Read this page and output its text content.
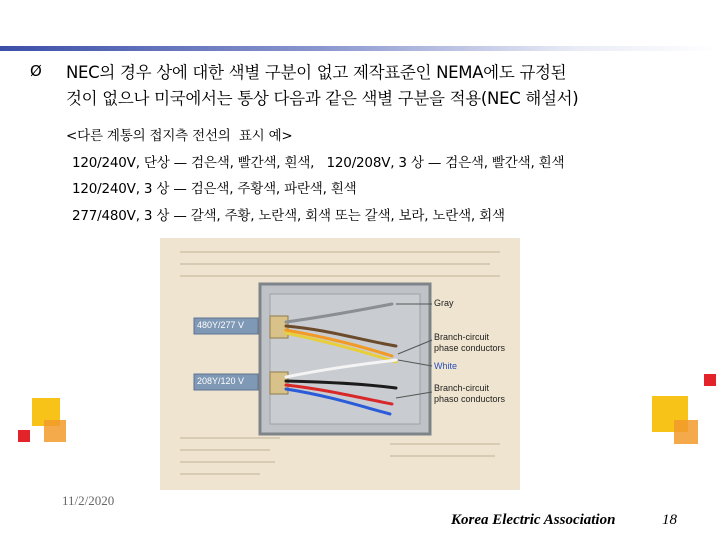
Ø NEC의 경우 상에 대한 색별 구분이 없고 제작표준인 NEMA에도 규정된
것이 없으나 미국에서는 통상 다음과 같은 색별 구분을 적용(NEC 해설서)
<다른 계통의 접지측 전선의  표시 예>
120/240V, 단상 — 검은색, 빨간색, 흰색,   120/208V, 3 상 — 검은색, 빨간색, 흰색
120/240V, 3 상 — 검은색, 주황색, 파란색, 흰색
277/480V, 3 상 — 갈색, 주황, 노란색, 회색 또는 갈색, 보라, 노란색, 회색
480Y/277 V
208Y/120 V
Gray
Branch-circuit
phase conductors
White
Branch-circuit
phaso conductors
11/2/2020
Korea Electric Association	18
